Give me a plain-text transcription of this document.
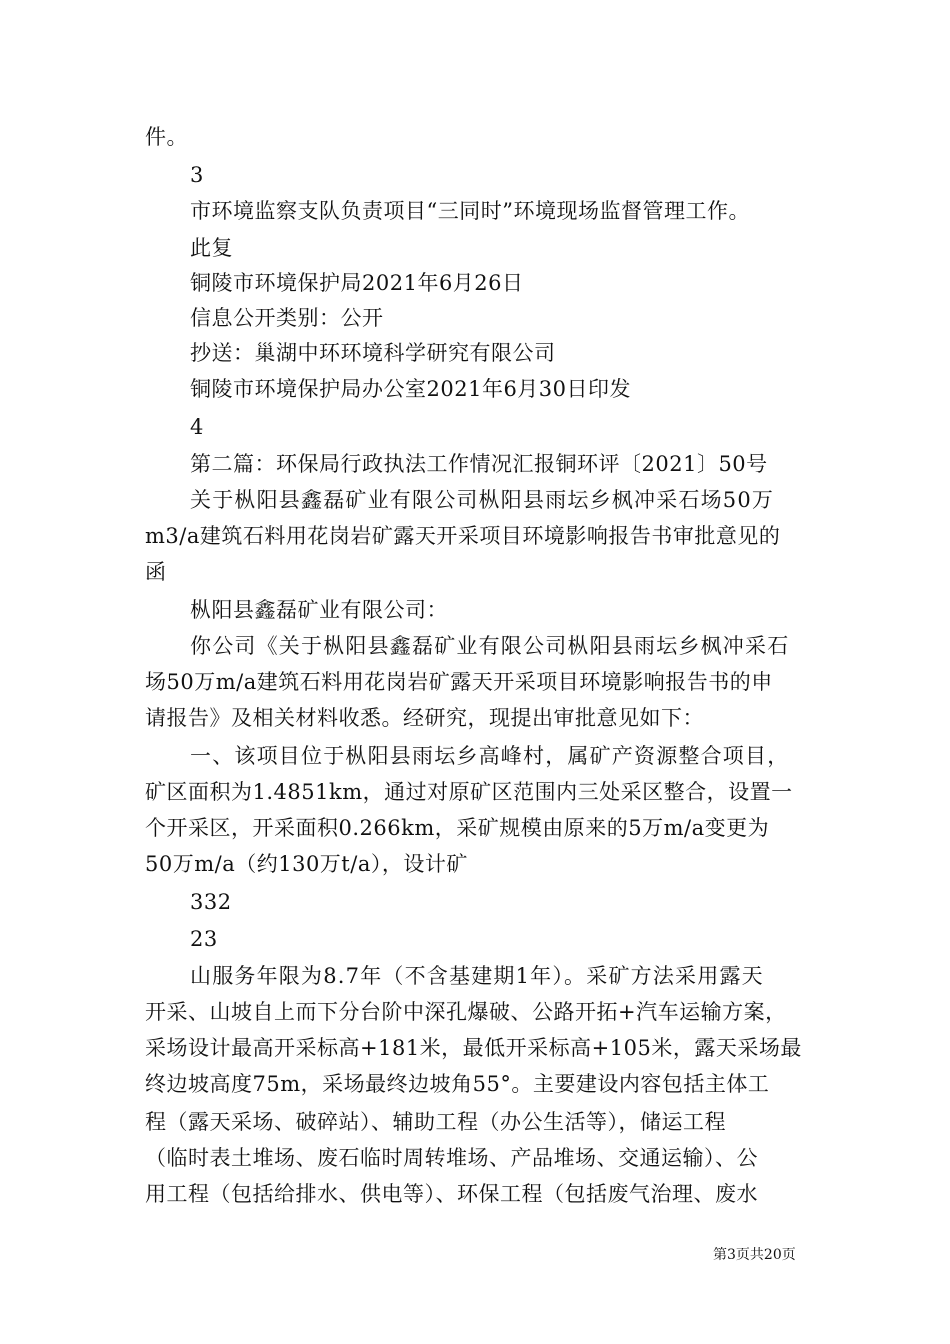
件。
3
市环境监察支队负责项目“三同时”环境现场监督管理工作。
此复
铜陵市环境保护局2021年6月26日
信息公开类别：公开
抄送：巢湖中环环境科学研究有限公司
铜陵市环境保护局办公室2021年6月30日印发
4
第二篇：环保局行政执法工作情况汇报铜环评〔2021〕50号
关于枞阳县鑫磊矿业有限公司枞阳县雨坛乡枫冲采石场50万
m3/a建筑石料用花岗岩矿露天开采项目环境影响报告书审批意见的
函
枞阳县鑫磊矿业有限公司：
你公司《关于枞阳县鑫磊矿业有限公司枞阳县雨坛乡枫冲采石
场50万m/a建筑石料用花岗岩矿露天开采项目环境影响报告书的申
请报告》及相关材料收悉。经研究，现提出审批意见如下：
一、该项目位于枞阳县雨坛乡高峰村，属矿产资源整合项目，
矿区面积为1.4851km，通过对原矿区范围内三处采区整合，设置一
个开采区，开采面积0.266km，采矿规模由原来的5万m/a变更为
50万m/a（约130万t/a），设计矿
332
23
山服务年限为8.7年（不含基建期1年）。采矿方法采用露天
开采、山坡自上而下分台阶中深孔爆破、公路开拓+汽车运输方案，
采场设计最高开采标高+181米，最低开采标高+105米，露天采场最
终边坡高度75m，采场最终边坡角55°。主要建设内容包括主体工
程（露天采场、破碎站）、辅助工程（办公生活等），储运工程
（临时表土堆场、废石临时周转堆场、产品堆场、交通运输）、公
用工程（包括给排水、供电等）、环保工程（包括废气治理、废水
第3页共20页
